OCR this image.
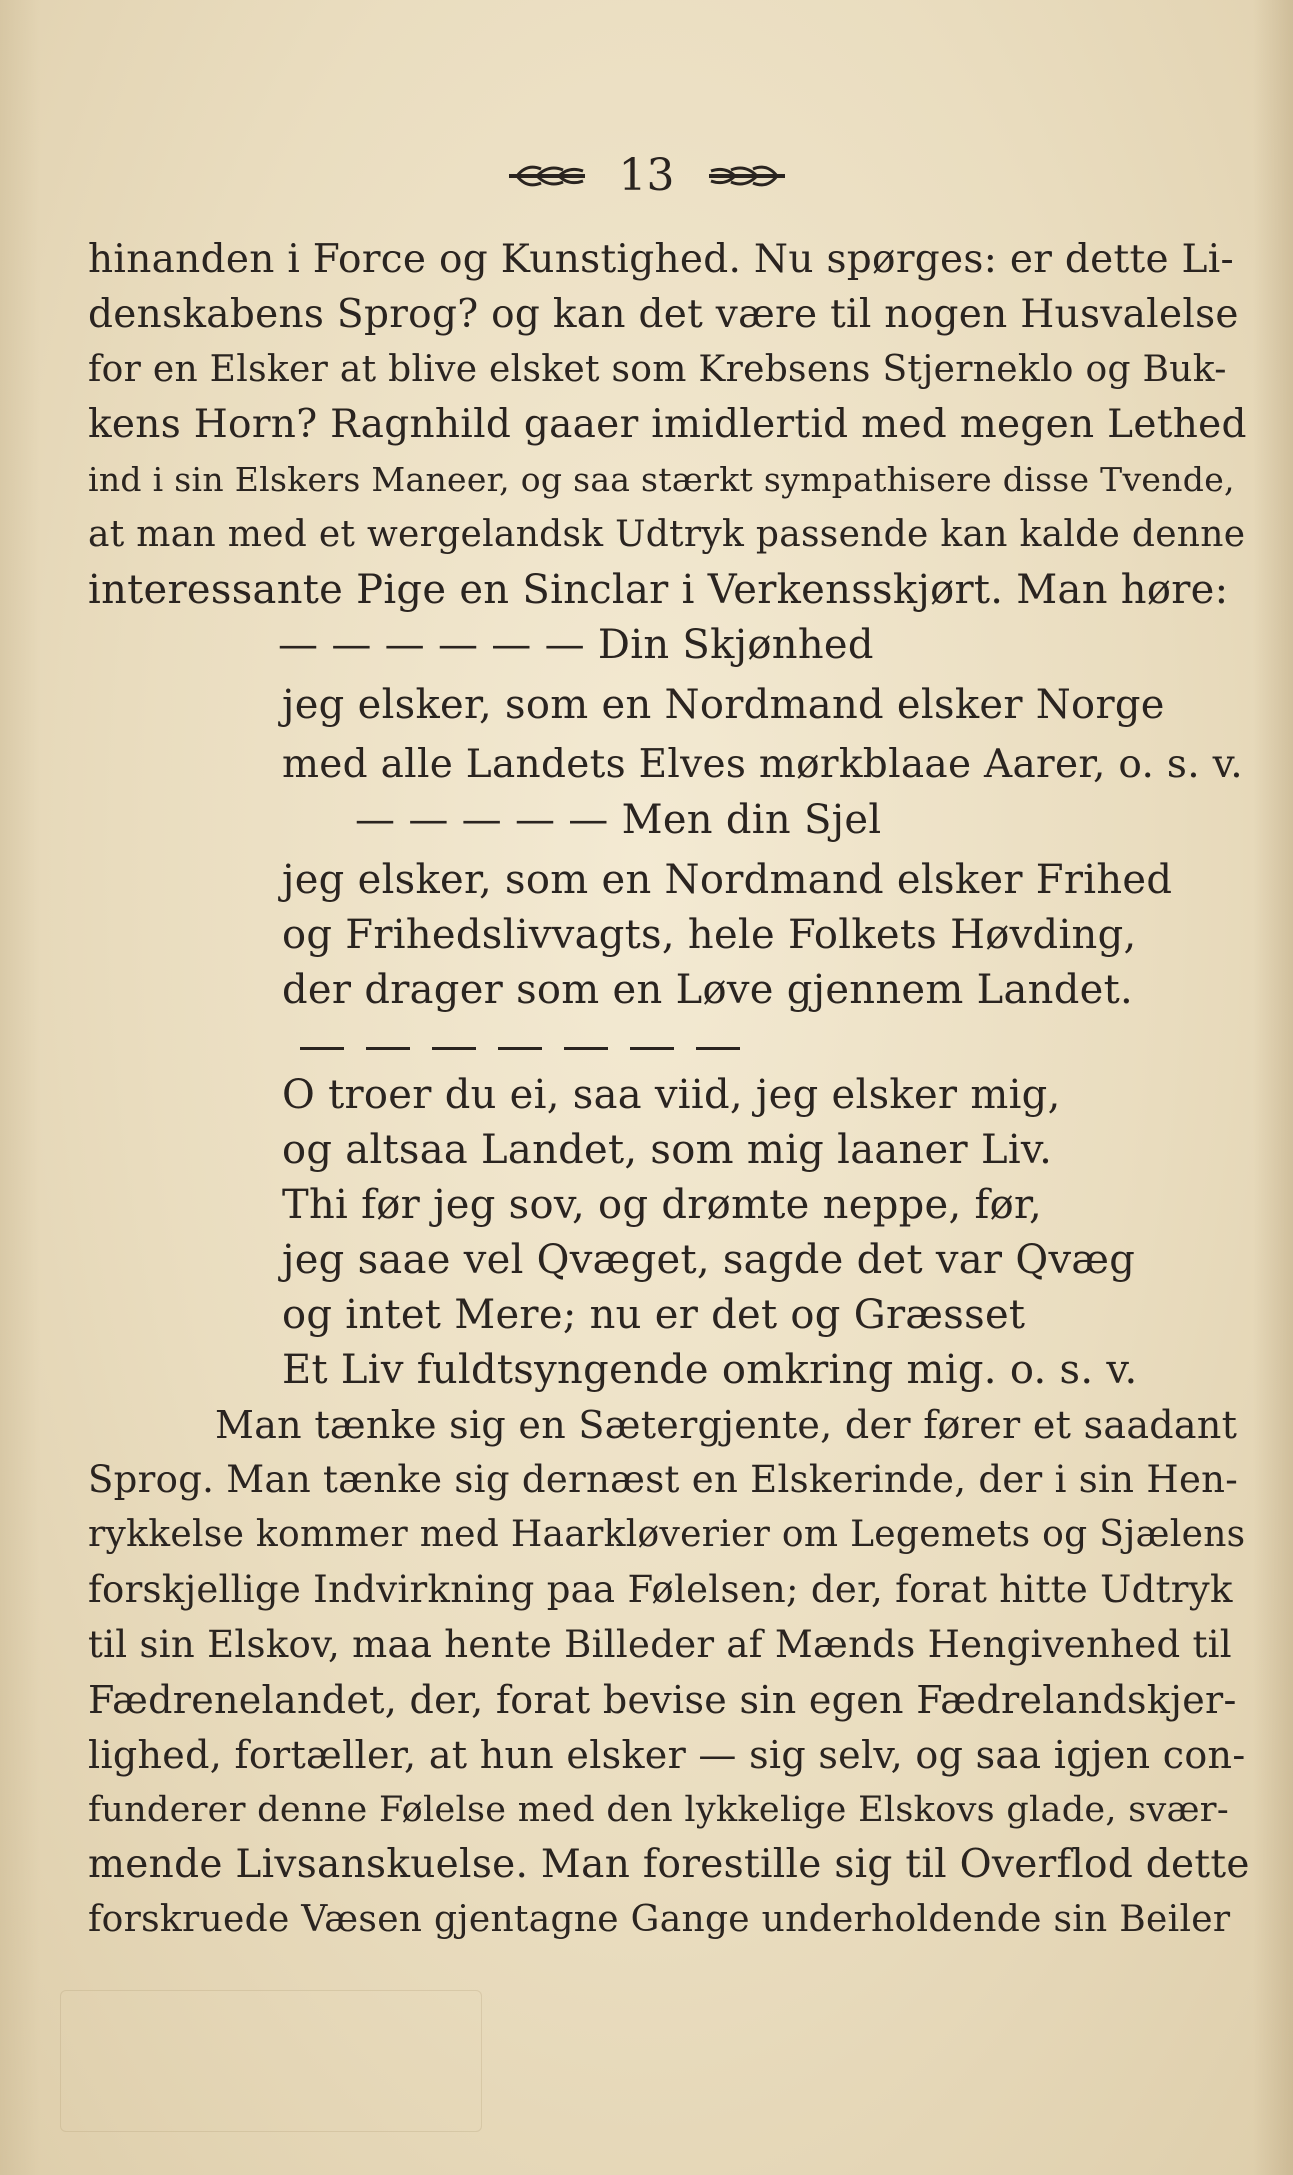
13
hinanden i Force og Kunstighed. Nu spørges: er dette Li-
denskabens Sprog? og kan det være til nogen Husvalelse
for en Elsker at blive elsket som Krebsens Stjerneklo og Buk-
kens Horn? Ragnhild gaaer imidlertid med megen Lethed
ind i sin Elskers Maneer, og saa stærkt sympathisere disse Tvende,
at man med et wergelandsk Udtryk passende kan kalde denne
interessante Pige en Sinclar i Verkensskjørt. Man høre:
— — — — — — Din Skjønhed
jeg elsker, som en Nordmand elsker Norge
med alle Landets Elves mørkblaae Aarer, o. s. v.
— — — — — Men din Sjel
jeg elsker, som en Nordmand elsker Frihed
og Frihedslivvagts, hele Folkets Høvding,
der drager som en Løve gjennem Landet.
O troer du ei, saa viid, jeg elsker mig,
og altsaa Landet, som mig laaner Liv.
Thi før jeg sov, og drømte neppe, før,
jeg saae vel Qvæget, sagde det var Qvæg
og intet Mere; nu er det og Græsset
Et Liv fuldtsyngende omkring mig. o. s. v.
Man tænke sig en Sætergjente, der fører et saadant
Sprog. Man tænke sig dernæst en Elskerinde, der i sin Hen-
rykkelse kommer med Haarkløverier om Legemets og Sjælens
forskjellige Indvirkning paa Følelsen; der, forat hitte Udtryk
til sin Elskov, maa hente Billeder af Mænds Hengivenhed til
Fædrenelandet, der, forat bevise sin egen Fædrelandskjer-
lighed, fortæller, at hun elsker — sig selv, og saa igjen con-
funderer denne Følelse med den lykkelige Elskovs glade, svær-
mende Livsanskuelse. Man forestille sig til Overflod dette
forskruede Væsen gjentagne Gange underholdende sin Beiler
